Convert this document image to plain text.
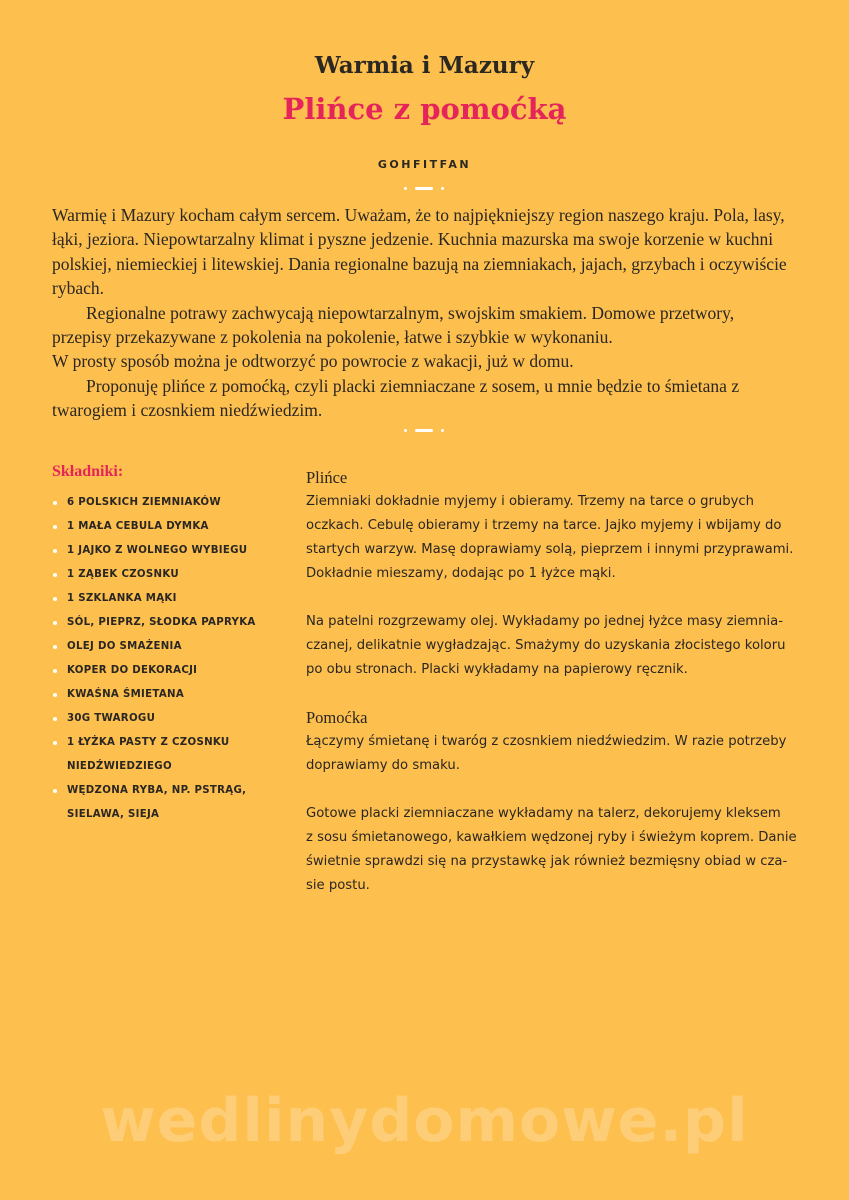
Warmia i Mazury
Plińce z pomoćką
GOHFITFAN

Warmię i Mazury kocham całym sercem. Uważam, że to najpiękniejszy region naszego kraju. Pola, lasy, łąki, jeziora. Niepowtarzalny klimat i pyszne jedzenie. Kuchnia mazurska ma swoje korzenie w kuchni polskiej, niemieckiej i litewskiej. Dania regionalne bazują na ziemniakach, jajach, grzybach i oczywiście rybach.

Regionalne potrawy zachwycają niepowtarzalnym, swojskim smakiem. Domowe przetwory, przepisy przekazywane z pokolenia na pokolenie, łatwe i szybkie w wykonaniu.

W prosty sposób można je odtworzyć po powrocie z wakacji, już w domu.

Proponuję plińce z pomoćką, czyli placki ziemniaczane z sosem, u mnie będzie to śmietana z twarogiem i czosnkiem niedźwiedzim.

Składniki:
6 POLSKICH ZIEMNIAKÓW
1 MAŁA CEBULA DYMKA
1 JAJKO Z WOLNEGO WYBIEGU
1 ZĄBEK CZOSNKU
1 SZKLANKA MĄKI
SÓL, PIEPRZ, SŁODKA PAPRYKA
OLEJ DO SMAŻENIA
KOPER DO DEKORACJI
KWAŚNA ŚMIETANA
30G TWAROGU
1 ŁYŻKA PASTY Z CZOSNKU NIEDŹWIEDZIEGO
WĘDZONA RYBA, NP. PSTRĄG, SIELAWA, SIEJA
Plińce

Ziemniaki dokładnie myjemy i obieramy. Trzemy na tarce o grubych
oczkach. Cebulę obieramy i trzemy na tarce. Jajko myjemy i wbijamy do
startych warzyw. Masę doprawiamy solą, pieprzem i innymi przyprawami.
Dokładnie mieszamy, dodając po 1 łyżce mąki.

Na patelni rozgrzewamy olej. Wykładamy po jednej łyżce masy ziemnia-
czanej, delikatnie wygładzając. Smażymy do uzyskania złocistego koloru
po obu stronach. Placki wykładamy na papierowy ręcznik.

Pomoćka

Łączymy śmietanę i twaróg z czosnkiem niedźwiedzim. W razie potrzeby
doprawiamy do smaku.

Gotowe placki ziemniaczane wykładamy na talerz, dekorujemy kleksem
z sosu śmietanowego, kawałkiem wędzonej ryby i świeżym koprem. Danie
świetnie sprawdzi się na przystawkę jak również bezmięsny obiad w cza-
sie postu.

wedlinydomowe.pl
